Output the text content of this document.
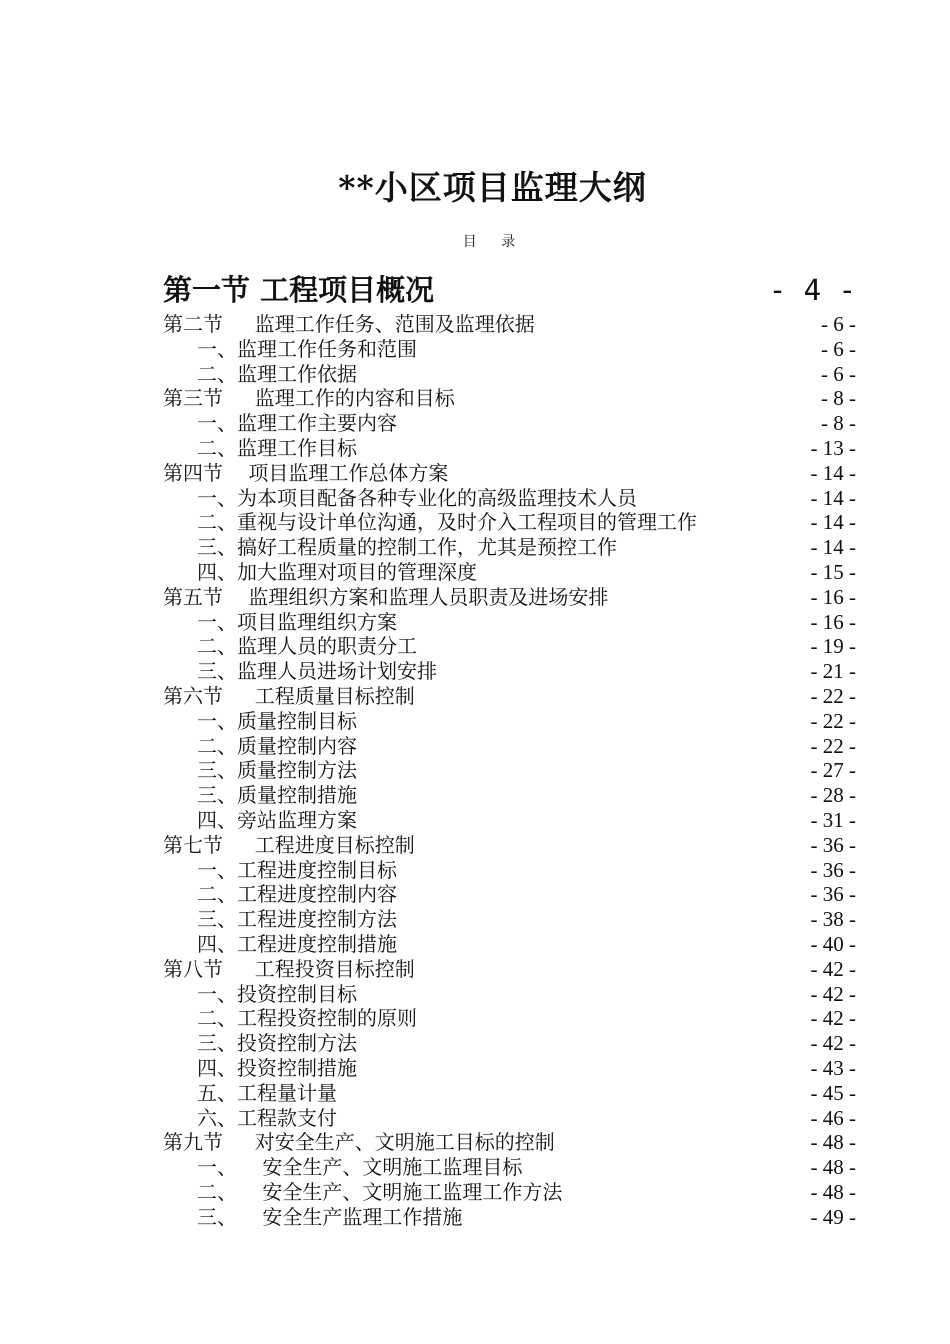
**小区项目监理大纲
目 录
第一节 工程项目概况	- 4 -
第二节     监理工作任务、范围及监理依据	- 6 -
一、监理工作任务和范围	- 6 -
二、监理工作依据	- 6 -
第三节     监理工作的内容和目标	- 8 -
一、监理工作主要内容	- 8 -
二、监理工作目标	- 13 -
第四节    项目监理工作总体方案	- 14 -
一、为本项目配备各种专业化的高级监理技术人员	- 14 -
二、重视与设计单位沟通，及时介入工程项目的管理工作	- 14 -
三、搞好工程质量的控制工作，尤其是预控工作	- 14 -
四、加大监理对项目的管理深度	- 15 -
第五节    监理组织方案和监理人员职责及进场安排	- 16 -
一、项目监理组织方案	- 16 -
二、监理人员的职责分工	- 19 -
三、监理人员进场计划安排	- 21 -
第六节     工程质量目标控制	- 22 -
一、质量控制目标	- 22 -
二、质量控制内容	- 22 -
三、质量控制方法	- 27 -
三、质量控制措施	- 28 -
四、旁站监理方案	- 31 -
第七节     工程进度目标控制	- 36 -
一、工程进度控制目标	- 36 -
二、工程进度控制内容	- 36 -
三、工程进度控制方法	- 38 -
四、工程进度控制措施	- 40 -
第八节     工程投资目标控制	- 42 -
一、投资控制目标	- 42 -
二、工程投资控制的原则	- 42 -
三、投资控制方法	- 42 -
四、投资控制措施	- 43 -
五、工程量计量	- 45 -
六、工程款支付	- 46 -
第九节     对安全生产、文明施工目标的控制	- 48 -
一、    安全生产、文明施工监理目标	- 48 -
二、    安全生产、文明施工监理工作方法	- 48 -
三、    安全生产监理工作措施	- 49 -
